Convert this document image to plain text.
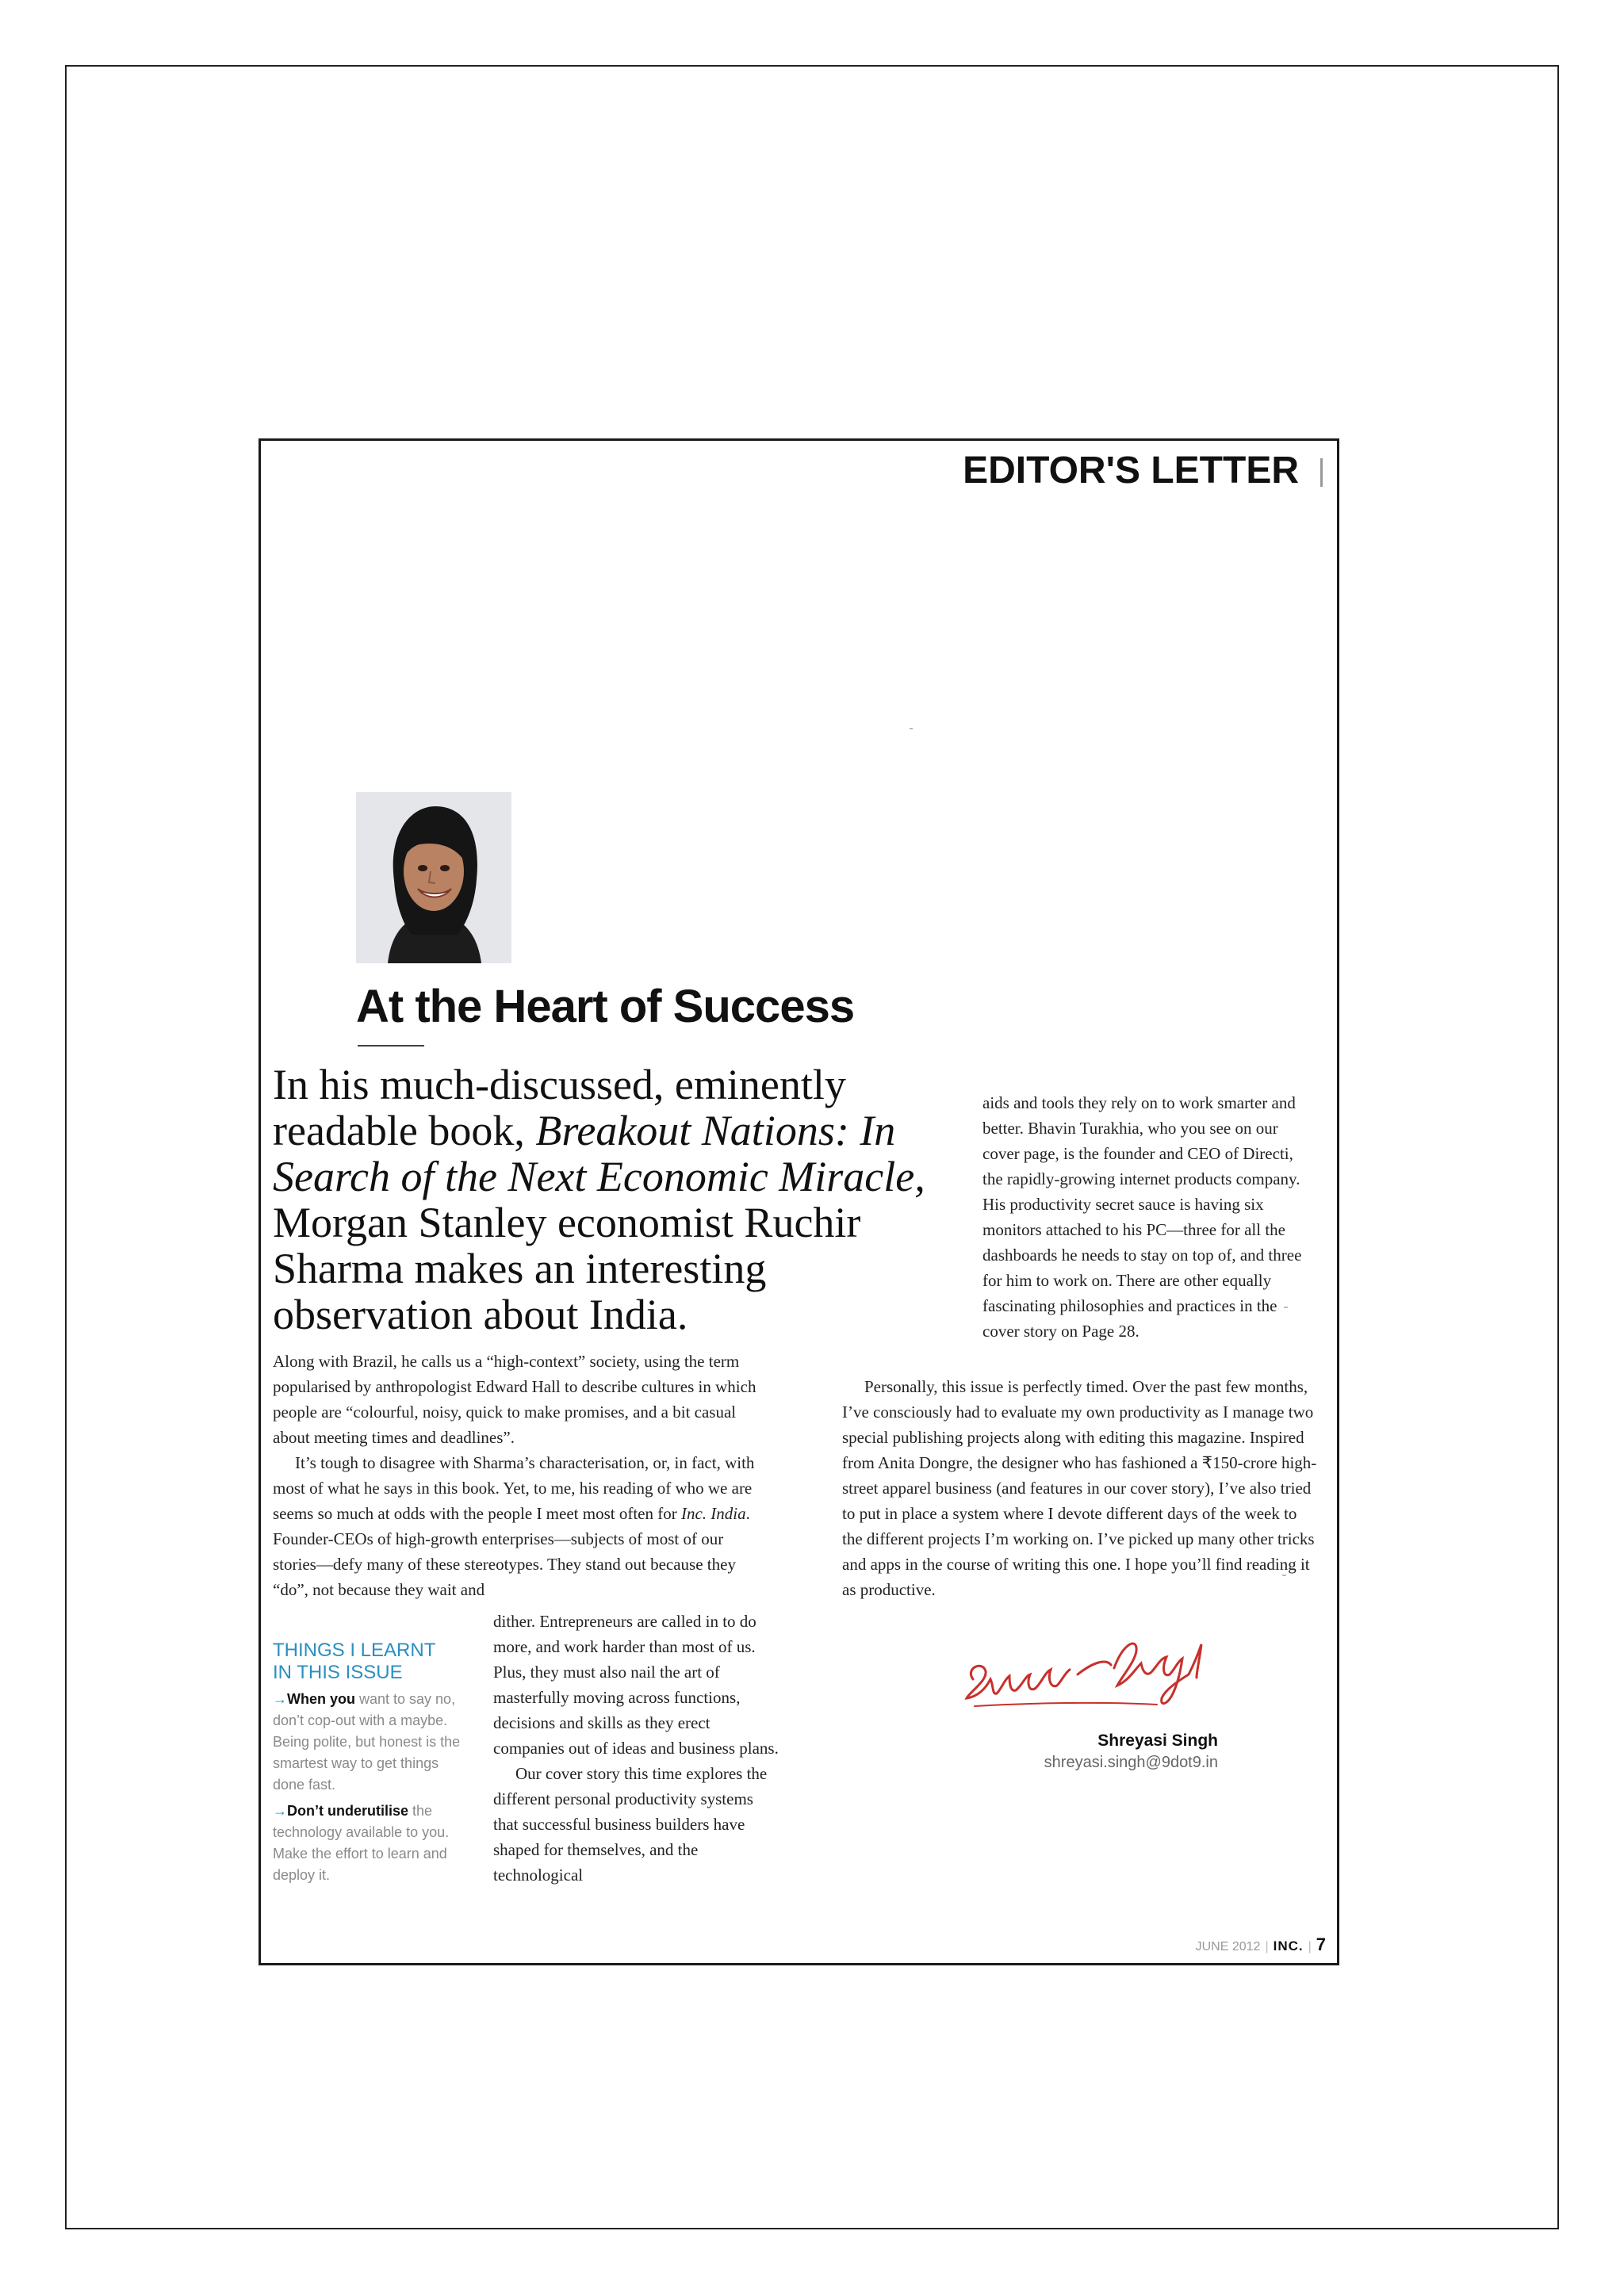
EDITOR'S LETTER
At the Heart of Success

In his much-discussed, eminently readable book, Breakout Nations: In Search of the Next Economic Miracle, Morgan Stanley economist Ruchir Sharma makes an interesting observation about India.

Along with Brazil, he calls us a “high-context” society, using the term popularised by anthropologist Edward Hall to describe cultures in which people are “colourful, noisy, quick to make promises, and a bit casual about meeting times and deadlines”.

It’s tough to disagree with Sharma’s characterisation, or, in fact, with most of what he says in this book. Yet, to me, his reading of who we are seems so much at odds with the people I meet most often for Inc. India. Founder-CEOs of high-growth enterprises—subjects of most of our stories—defy many of these stereotypes. They stand out because they “do”, not because they wait and

dither. Entrepreneurs are called in to do more, and work harder than most of us. Plus, they must also nail the art of masterfully moving across functions, decisions and skills as they erect companies out of ideas and business plans.

Our cover story this time explores the different personal productivity systems that successful business builders have shaped for themselves, and the technological

aids and tools they rely on to work smarter and better. Bhavin Turakhia, who you see on our cover page, is the founder and CEO of Directi, the rapidly-growing internet products company. His productivity secret sauce is having six monitors attached to his PC—three for all the dashboards he needs to stay on top of, and three for him to work on. There are other equally fascinating philosophies and practices in the cover story on Page 28.

Personally, this issue is perfectly timed. Over the past few months, I’ve consciously had to evaluate my own productivity as I manage two special publishing projects along with editing this magazine. Inspired from Anita Dongre, the designer who has fashioned a ₹150-crore high-street apparel business (and features in our cover story), I’ve also tried to put in place a system where I devote different days of the week to the different projects I’m working on. I’ve picked up many other tricks and apps in the course of writing this one. I hope you’ll find reading it as productive.

THINGS I LEARNT
IN THIS ISSUE

→When you want to say no, don’t cop-out with a maybe. Being polite, but honest is the smartest way to get things done fast.

→Don’t underutilise the technology available to you. Make the effort to learn and deploy it.

Shreyasi Singh
shreyasi.singh@9dot9.in
JUNE 2012 | INC. | 7
